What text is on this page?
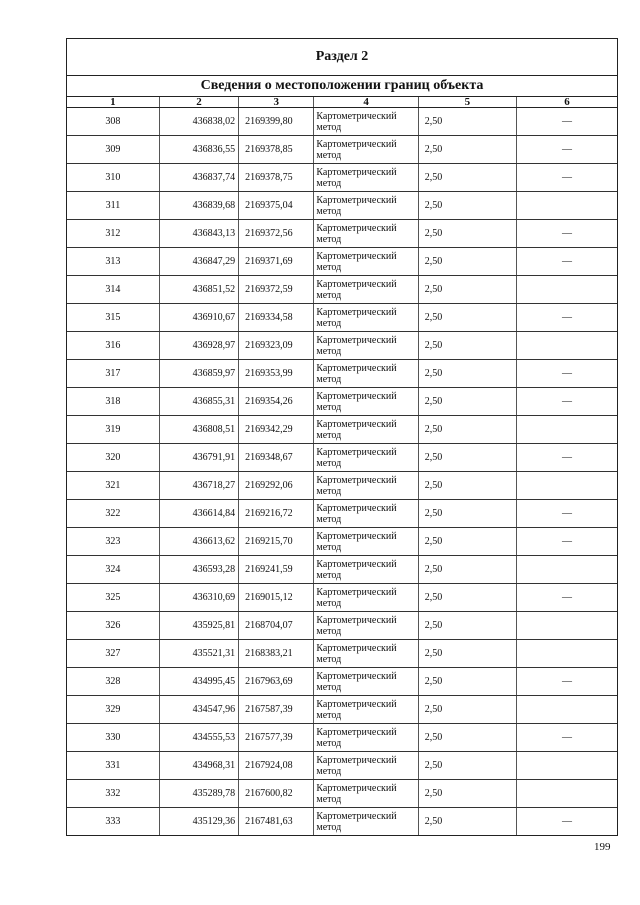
Раздел 2
Сведения о местоположении границ объекта
1	2	3	4	5	6
308	436838,02	2169399,80	Картометрический метод	2,50	—
309	436836,55	2169378,85	Картометрический метод	2,50	—
310	436837,74	2169378,75	Картометрический метод	2,50	—
311	436839,68	2169375,04	Картометрический метод	2,50	
312	436843,13	2169372,56	Картометрический метод	2,50	—
313	436847,29	2169371,69	Картометрический метод	2,50	—
314	436851,52	2169372,59	Картометрический метод	2,50	
315	436910,67	2169334,58	Картометрический метод	2,50	—
316	436928,97	2169323,09	Картометрический метод	2,50	
317	436859,97	2169353,99	Картометрический метод	2,50	—
318	436855,31	2169354,26	Картометрический метод	2,50	—
319	436808,51	2169342,29	Картометрический метод	2,50	
320	436791,91	2169348,67	Картометрический метод	2,50	—
321	436718,27	2169292,06	Картометрический метод	2,50	
322	436614,84	2169216,72	Картометрический метод	2,50	—
323	436613,62	2169215,70	Картометрический метод	2,50	—
324	436593,28	2169241,59	Картометрический метод	2,50	
325	436310,69	2169015,12	Картометрический метод	2,50	—
326	435925,81	2168704,07	Картометрический метод	2,50	
327	435521,31	2168383,21	Картометрический метод	2,50	
328	434995,45	2167963,69	Картометрический метод	2,50	—
329	434547,96	2167587,39	Картометрический метод	2,50	
330	434555,53	2167577,39	Картометрический метод	2,50	—
331	434968,31	2167924,08	Картометрический метод	2,50	
332	435289,78	2167600,82	Картометрический метод	2,50	
333	435129,36	2167481,63	Картометрический метод	2,50	—
199
